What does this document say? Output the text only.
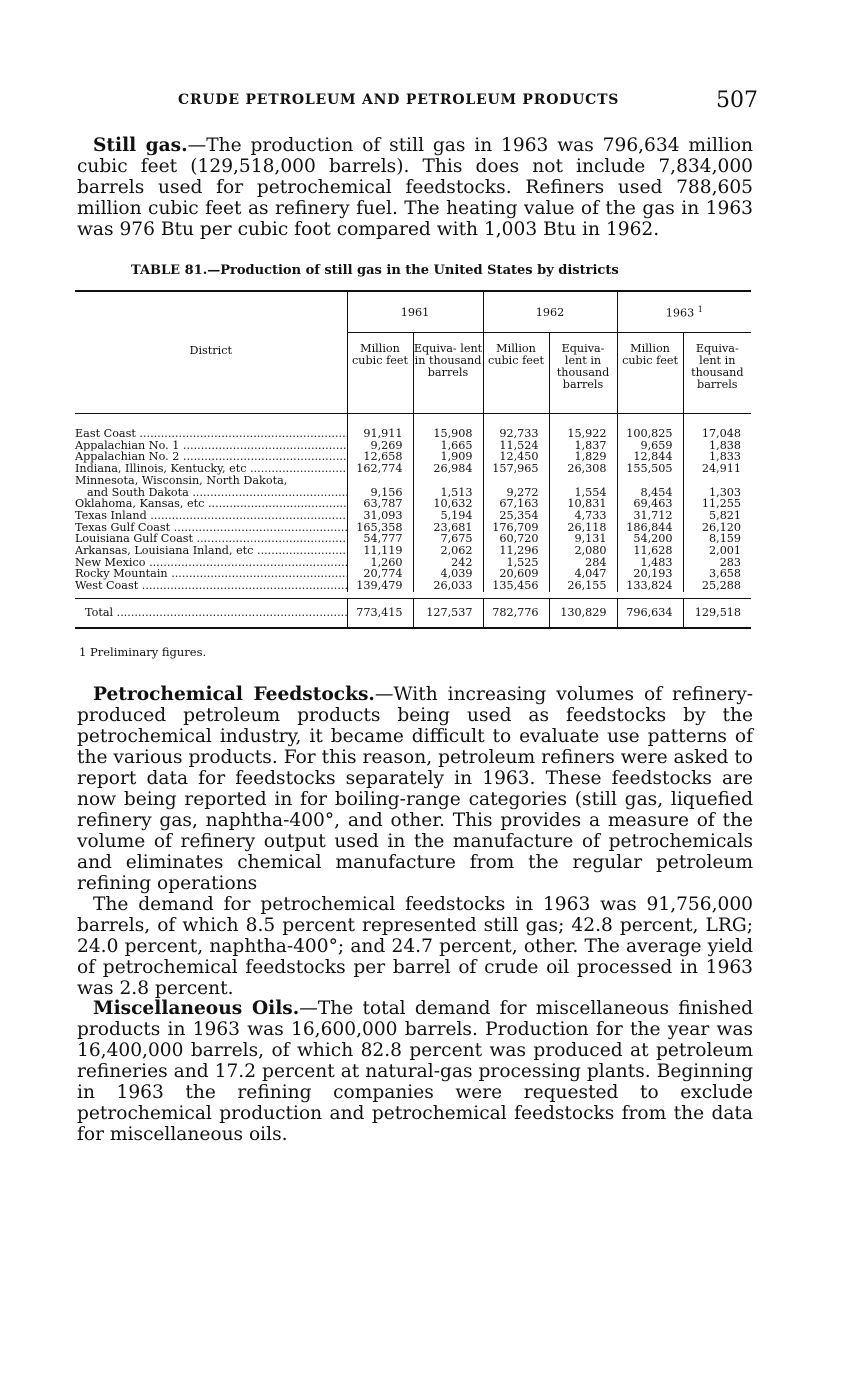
CRUDE PETROLEUM AND PETROLEUM PRODUCTS	507

Still gas.—The production of still gas in 1963 was 796,634 million cubic feet (129,518,000 barrels). This does not include 7,834,000 barrels used for petrochemical feedstocks. Refiners used 788,605 million cubic feet as refinery fuel. The heating value of the gas in 1963 was 976 Btu per cubic foot compared with 1,003 Btu in 1962.

TABLE 81.—Production of still gas in the United States by districts
District	1961		1962		1963 $^1$
	Million cubic feet	Equiva- lent in thousand barrels	Million cubic feet	Equiva- lent in thousand barrels	Million cubic feet	Equiva- lent in thousand barrels
East Coast .....	91,911	15,908	92,733	15,922	100,825	17,048
Appalachian No. 1 .....	9,269	1,665	11,524	1,837	9,659	1,838
Appalachian No. 2 .....	12,658	1,909	12,450	1,829	12,844	1,833
Indiana, Illinois, Kentucky, etc .....	162,774	26,984	157,965	26,308	155,505	24,911
Minnesota, Wisconsin, North Dakota,						
and South Dakota .....	9,156	1,513	9,272	1,554	8,454	1,303
Oklahoma, Kansas, etc .....	63,787	10,632	67,163	10,831	69,463	11,255
Texas Inland .....	31,093	5,194	25,354	4,733	31,712	5,821
Texas Gulf Coast .....	165,358	23,681	176,709	26,118	186,844	26,120
Louisiana Gulf Coast .....	54,777	7,675	60,720	9,131	54,200	8,159
Arkansas, Louisiana Inland, etc .....	11,119	2,062	11,296	2,080	11,628	2,001
New Mexico .....	1,260	242	1,525	284	1,483	283
Rocky Mountain .....	20,774	4,039	20,609	4,047	20,193	3,658
West Coast .....	139,479	26,033	135,456	26,155	133,824	25,288

Total .....	773,415	127,537	782,776	130,829	796,634	129,518

1 Preliminary figures.

Petrochemical Feedstocks.—With increasing volumes of refinery-produced petroleum products being used as feedstocks by the petrochemical industry, it became difficult to evaluate use patterns of the various products. For this reason, petroleum refiners were asked to report data for feedstocks separately in 1963. These feedstocks are now being reported in for boiling-range categories (still gas, liquefied refinery gas, naphtha-400°, and other. This provides a measure of the volume of refinery output used in the manufacture of petrochemicals and eliminates chemical manufacture from the regular petroleum refining operations

The demand for petrochemical feedstocks in 1963 was 91,756,000 barrels, of which 8.5 percent represented still gas; 42.8 percent, LRG; 24.0 percent, naphtha-400°; and 24.7 percent, other. The average yield of petrochemical feedstocks per barrel of crude oil processed in 1963 was 2.8 percent.

Miscellaneous Oils.—The total demand for miscellaneous finished products in 1963 was 16,600,000 barrels. Production for the year was 16,400,000 barrels, of which 82.8 percent was produced at petroleum refineries and 17.2 percent at natural-gas processing plants. Beginning in 1963 the refining companies were requested to exclude petrochemical production and petrochemical feedstocks from the data for miscellaneous oils.
